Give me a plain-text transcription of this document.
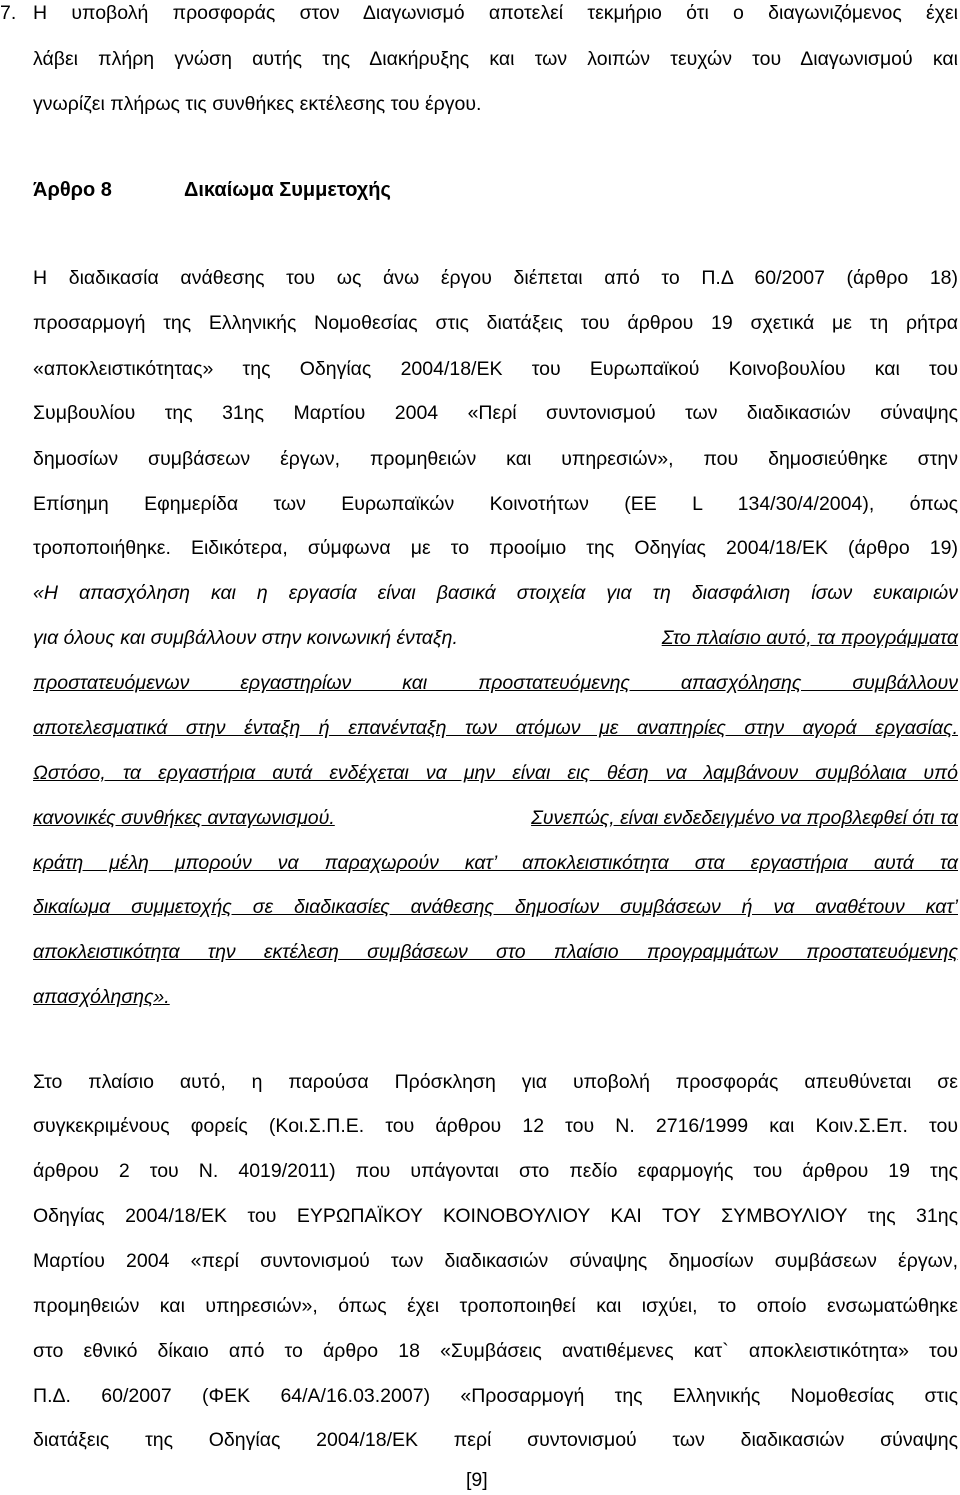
7. Η υποβολή προσφοράς στον Διαγωνισμό αποτελεί τεκμήριο ότι ο διαγωνιζόμενος έχει
λάβει πλήρη γνώση αυτής της Διακήρυξης και των λοιπών τευχών του Διαγωνισμού και
γνωρίζει πλήρως τις συνθήκες εκτέλεσης του έργου.
Άρθρο 8	Δικαίωμα Συμμετοχής
Η διαδικασία ανάθεσης του ως άνω έργου διέπεται από το Π.Δ 60/2007 (άρθρο 18)
προσαρμογή της Ελληνικής Νομοθεσίας στις διατάξεις του άρθρου 19 σχετικά με τη ρήτρα
«αποκλειστικότητας» της Οδηγίας 2004/18/ΕΚ του Ευρωπαϊκού Κοινοβουλίου και του
Συμβουλίου της 31ης Μαρτίου 2004 «Περί συντονισμού των διαδικασιών σύναψης
δημοσίων συμβάσεων έργων, προμηθειών και υπηρεσιών», που δημοσιεύθηκε στην
Επίσημη Εφημερίδα των Ευρωπαϊκών Κοινοτήτων (ΕΕ L 134/30/4/2004), όπως
τροποποιήθηκε. Ειδικότερα, σύμφωνα με το προοίμιο της Οδηγίας 2004/18/ΕΚ (άρθρο 19)
«Η απασχόληση και η εργασία είναι βασικά στοιχεία για τη διασφάλιση ίσων ευκαιριών
για όλους και συμβάλλουν στην κοινωνική ένταξη.	Στο πλαίσιο αυτό, τα προγράμματα
προστατευόμενων εργαστηρίων και προστατευόμενης απασχόλησης συμβάλλουν
αποτελεσματικά στην ένταξη ή επανένταξη των ατόμων με αναπηρίες στην αγορά εργασίας.
Ωστόσο, τα εργαστήρια αυτά ενδέχεται να μην είναι εις θέση να λαμβάνουν συμβόλαια υπό
κανονικές συνθήκες ανταγωνισμού.	Συνεπώς, είναι ενδεδειγμένο να προβλεφθεί ότι τα
κράτη μέλη μπορούν να παραχωρούν κατ’ αποκλειστικότητα στα εργαστήρια αυτά τα
δικαίωμα συμμετοχής σε διαδικασίες ανάθεσης δημοσίων συμβάσεων ή να αναθέτουν κατ’
αποκλειστικότητα την εκτέλεση συμβάσεων στο πλαίσιο προγραμμάτων προστατευόμενης
απασχόλησης».
Στο πλαίσιο αυτό, η παρούσα Πρόσκληση για υποβολή προσφοράς απευθύνεται σε
συγκεκριμένους φορείς (Κοι.Σ.Π.Ε. του άρθρου 12 του Ν. 2716/1999 και Κοιν.Σ.Επ. του
άρθρου 2 του Ν. 4019/2011) που υπάγονται στο πεδίο εφαρμογής του άρθρου 19 της
Οδηγίας 2004/18/ΕΚ του ΕΥΡΩΠΑΪΚΟΥ ΚΟΙΝΟΒΟΥΛΙΟΥ ΚΑΙ ΤΟΥ ΣΥΜΒΟΥΛΙΟΥ της 31ης
Μαρτίου 2004 «περί συντονισμού των διαδικασιών σύναψης δημοσίων συμβάσεων έργων,
προμηθειών και υπηρεσιών», όπως έχει τροποποιηθεί και ισχύει, το οποίο ενσωματώθηκε
στο εθνικό δίκαιο από το άρθρο 18 «Συμβάσεις ανατιθέμενες κατ` αποκλειστικότητα» του
Π.Δ. 60/2007 (ΦΕΚ 64/Α/16.03.2007) «Προσαρμογή της Ελληνικής Νομοθεσίας στις
διατάξεις της Οδηγίας 2004/18/ΕΚ περί συντονισμού των διαδικασιών σύναψης
[9]
